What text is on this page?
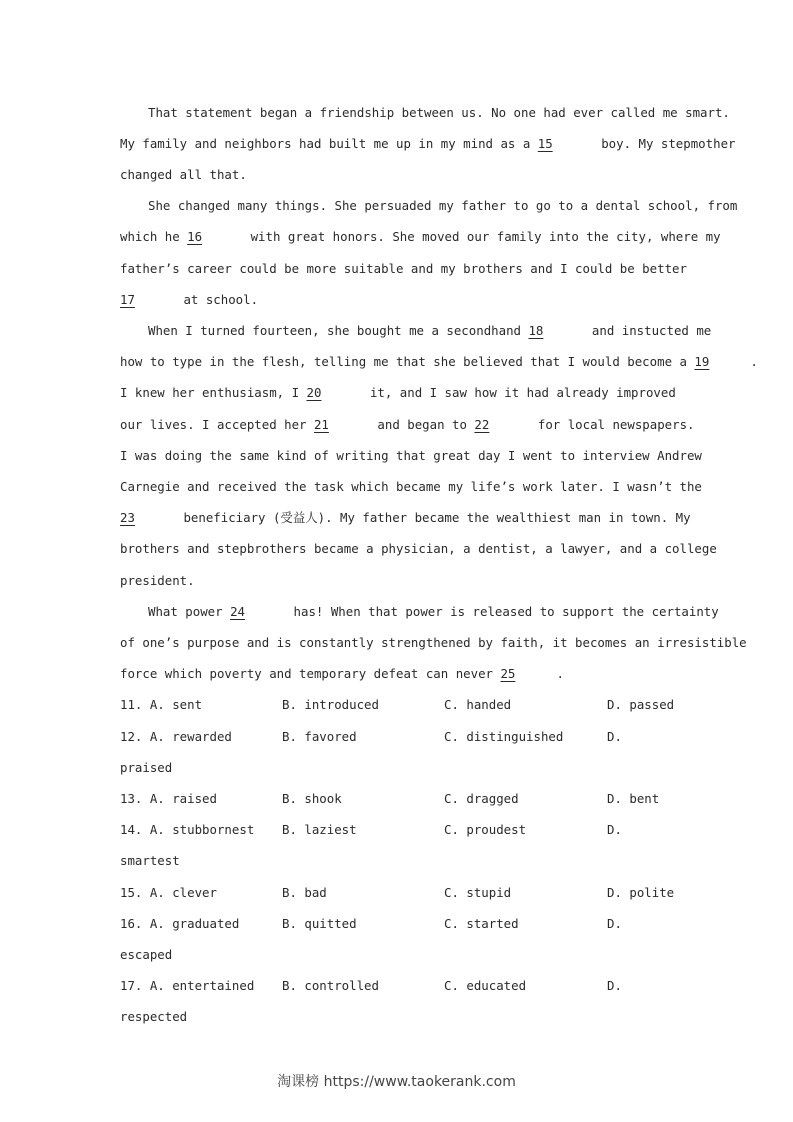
That statement began a friendship between us. No one had ever called me smart.
My family and neighbors had built me up in my mind as a 15	boy. My stepmother
changed all that.
She changed many things. She persuaded my father to go to a dental school, from
which he 16	with great honors. She moved our family into the city, where my
father’s career could be more suitable and my brothers and I could be better
17	at school.
When I turned fourteen, she bought me a secondhand 18	and instucted me
how to type in the flesh, telling me that she believed that I would become a 19	.
I knew her enthusiasm, I 20	it, and I saw how it had already improved
our lives. I accepted her 21	and began to 22	for local newspapers.
I was doing the same kind of writing that great day I went to interview Andrew
Carnegie and received the task which became my life’s work later. I wasn’t the
23	beneficiary (受益人). My father became the wealthiest man in town. My
brothers and stepbrothers became a physician, a dentist, a lawyer, and a college
president.
What power 24	has! When that power is released to support the certainty
of one’s purpose and is constantly strengthened by faith, it becomes an irresistible
force which poverty and temporary defeat can never 25	.
11. A. sent	B. introduced	C. handed	D. passed
12. A. rewarded	B. favored	C. distinguished	D.
praised
13. A. raised	B. shook	C. dragged	D. bent
14. A. stubbornest B. laziest	C. proudest	D.
smartest
15. A. clever	B. bad	C. stupid	D. polite
16. A. graduated	B. quitted	C. started	D.
escaped
17. A. entertained B. controlled	C. educated	D.
respected
淘课榜 https://www.taokerank.com
